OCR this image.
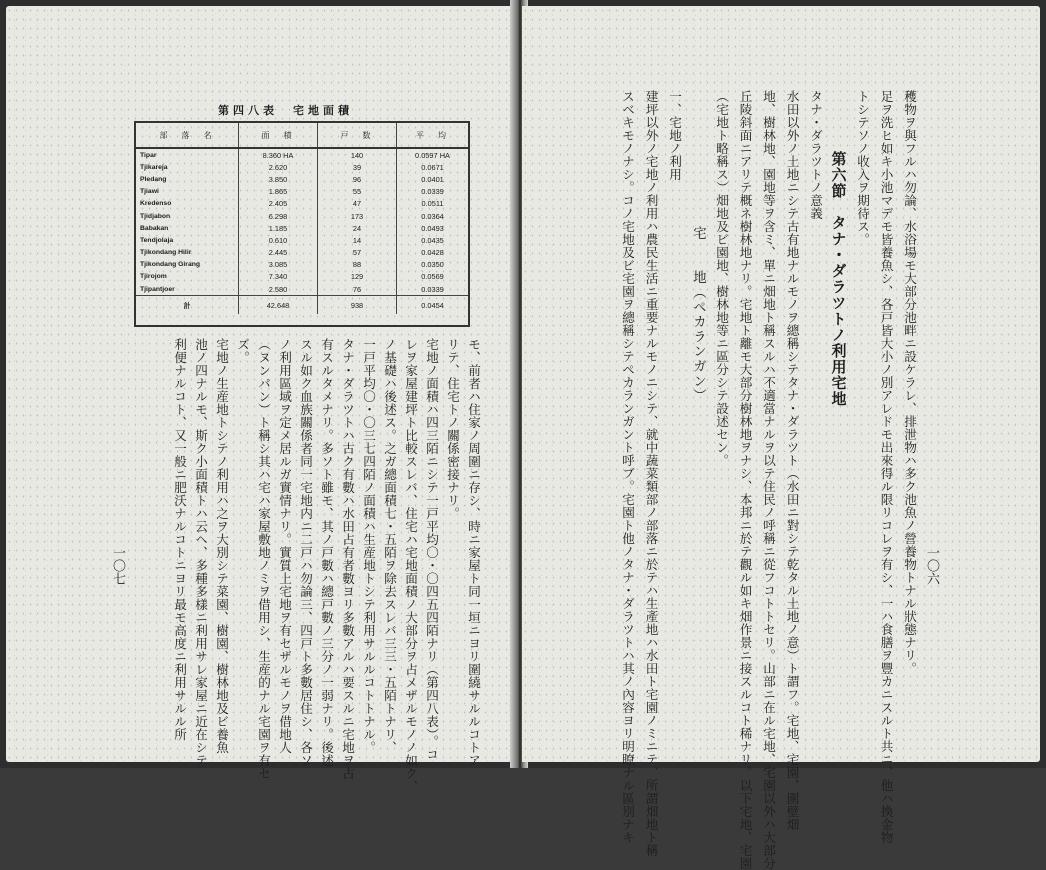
第四八表　宅地面積
部　落　名	面　積	戸　数	平　均
Tipar	8.360 HA	140	0.0597 HA
Tjikareja	2.620	39	0.0671
Pledang	3.850	96	0.0401
Tjiawi	1.865	55	0.0339
Kredenso	2.405	47	0.0511
Tjidjabon	6.298	173	0.0364
Babakan	1.185	24	0.0493
Tendjolaja	0.610	14	0.0435
Tjikondang Hilir	2.445	57	0.0428
Tjikondang Girang	3.085	88	0.0350
Tjirojom	7.340	129	0.0569
Tjipantjoer	2.580	76	0.0339
計	42.648	938	0.0454
モ、前者ハ住家ノ周圍ニ存シ、時ニ家屋ト同一垣ニヨリ圍繞サルルコトア
リテ、住宅トノ關係密接ナリ。
宅地ノ面積ハ四三陌ニシテ一戸平均〇・〇四五四陌ナリ（第四八表）。コ
レヲ家屋建坪ト比較スレバ、住宅ハ宅地面積ノ大部分ヲ占メザルモノノ如ク、
ノ基礎ハ後述ス。之ガ總面積七・五陌ヲ除去スレバ三三・五陌トナリ、
一戸平均〇・〇三七四陌ノ面積ハ生産地トシテ利用サルルコトトナル。
タナ・ダラツトハ古ク有數ハ水田占有者數ヨリ多數アルハ要スルニ宅地ヲ占
有スルタメナリ。多ソト雖モ、其ノ戸數ハ總戸數ノ三分ノ一弱ナリ。後述
スル如ク血族關係者同一宅地内ニ二戸ハ勿論三、四戸ト多數居住シ、各ソ
ノ利用區域ヲ定メ居ルガ實情ナリ。實質上宅地ヲ有セザルモノヲ借地人
（ヌンパン）ト稱シ其ハ宅ハ家屋敷地ノミヲ借用シ、生産的ナル宅園ヲ有セ
ズ。
宅地ノ生産地トシテノ利用ハ之ヲ大別シテ菜園、樹園、樹林地及ビ養魚
池ノ四ナルモ、斯ク小面積トハ云ヘ、多種多樣ニ利用サレ家屋ニ近在シテ
利便ナルコト、又一般ニ肥沃ナルコトニヨリ最モ高度ニ利用サルル所
一〇七	穫物ヲ與フルハ勿論、水浴場モ大部分池畔ニ設ケラレ、排泄物ハ多ク池魚ノ營養物トナル狀態ナリ。
足ヲ洗ヒ如キ小池マデモ皆養魚シ、各戸皆大小ノ別アレドモ出來得ル限リコレヲ有シ、一ハ食膳ヲ豐カニスルト共ニ、他ハ換金物
トシテソノ收入ヲ期待ス。
第六節　タナ・ダラツトノ利用宅地
タナ・ダラツトノ意義
水田以外ノ土地ニシテ古有地ナルモノヲ總稱シテタナ・ダラツト（水田ニ對シテ乾タル土地ノ意）ト謂フ。宅地、宅園、圍壁畑
地、樹林地、園地等ヲ含ミ、單ニ畑地ト稱スルハ不適當ナルヲ以テ住民ノ呼稱ニ從フコトトセリ。山部ニ在ル宅地、宅園以外ハ大部分
丘陵斜面ニアリテ概ネ樹林地ナリ。宅地ト離モ大部分樹林地ヲナシ、本邦ニ於テ觀ル如キ畑作景ニ接スルコト稀ナリ。以下宅地、宅園
（宅地ト略稱ス）畑地及ビ園地、樹林地等ニ區分シテ設述セン。
宅　　地（ペカランガン）
一、宅地ノ利用
建坪以外ノ宅地ノ利用ハ農民生活ニ重要ナルモノニシテ、就中蔬菜類部ノ部落ニ於テハ生產地ハ水田ト宅園ノミニテ、所謂畑地ト稱
スベキモノナシ。コノ宅地及ビ宅園ヲ總稱シテペカランガント呼ブ。宅園ト他ノタナ・ダラツトハ其ノ內容ヨリ明瞭ナル區別ナキ	一〇六
